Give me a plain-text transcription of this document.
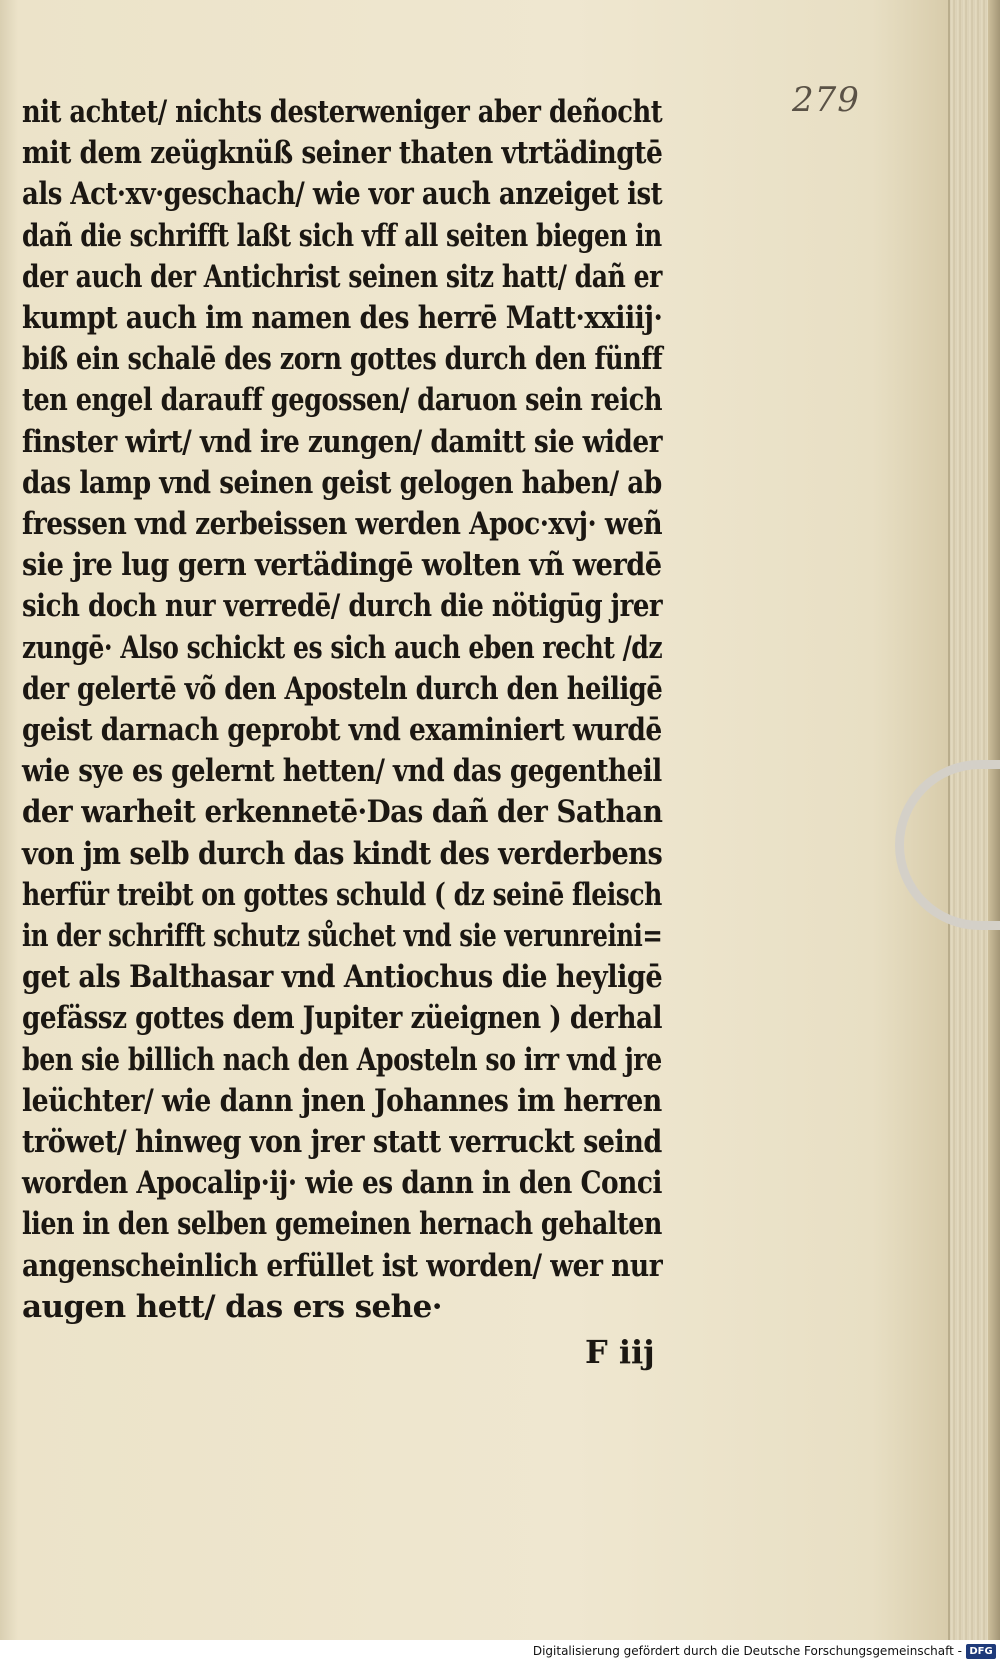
279
nit achtet/ nichts desterweniger aber deñocht
mit dem zeügknüß seiner thaten vtrtädingtē
als Act·xv·geschach/ wie vor auch anzeiget ist
dañ die schrifft laßt sich vff all seiten biegen in
der auch der Antichrist seinen sitz hatt/ dañ er
kumpt auch im namen des herrē Matt·xxiiij·
biß ein schalē des zorn gottes durch den fünff
ten engel darauff gegossen/ daruon sein reich
finster wirt/ vnd ire zungen/ damitt sie wider
das lamp vnd seinen geist gelogen haben/ ab
fressen vnd zerbeissen werden Apoc·xvj· weñ
sie jre lug gern vertädingē wolten vñ werdē
sich doch nur verredē/ durch die nötigūg jrer
zungē· Also schickt es sich auch eben recht /dz
der gelertē võ den Aposteln durch den heiligē
geist darnach geprobt vnd examiniert wurdē
wie sye es gelernt hetten/ vnd das gegentheil
der warheit erkennetē·Das dañ der Sathan
von jm selb durch das kindt des verderbens
herfür treibt on gottes schuld ( dz seinē fleisch
in der schrifft schutz sůchet vnd sie verunreini=
get als Balthasar vnd Antiochus die heyligē
gefässz gottes dem Jupiter züeignen ) derhal
ben sie billich nach den Aposteln so irr vnd jre
leüchter/ wie dann jnen Johannes im herren
tröwet/ hinweg von jrer statt verruckt seind
worden Apocalip·ij· wie es dann in den Conci
lien in den selben gemeinen hernach gehalten
angenscheinlich erfüllet ist worden/ wer nur
augen hett/ das ers sehe·
F iij
Digitalisierung gefördert durch die Deutsche Forschungsgemeinschaft - DFG
